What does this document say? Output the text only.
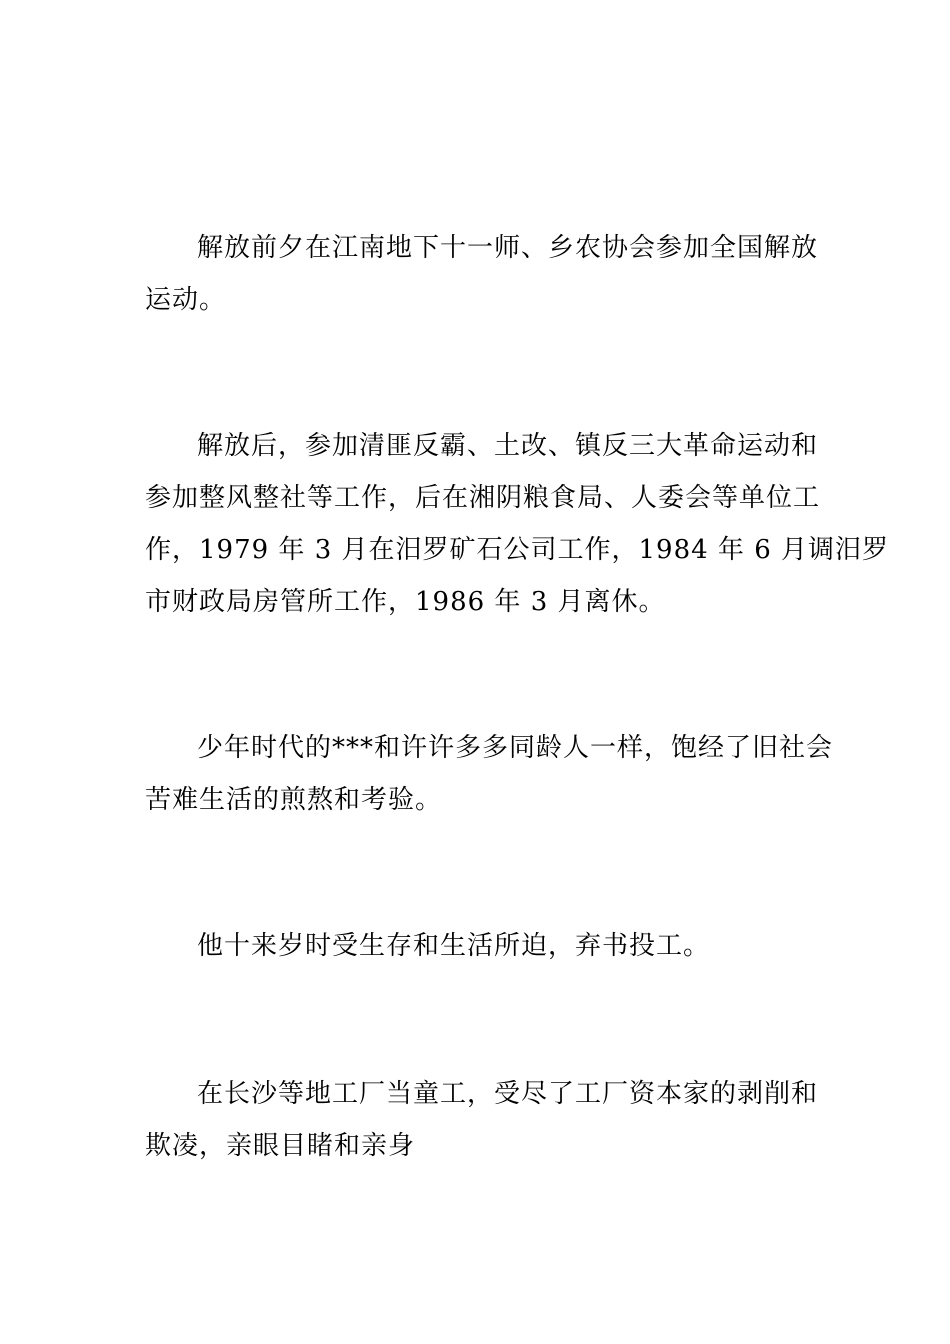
解放前夕在江南地下十一师、乡农协会参加全国解放
运动。
解放后，参加清匪反霸、土改、镇反三大革命运动和
参加整风整社等工作，后在湘阴粮食局、人委会等单位工
作，1979 年 3 月在汨罗矿石公司工作，1984 年 6 月调汨罗
市财政局房管所工作，1986 年 3 月离休。
少年时代的***和许许多多同龄人一样，饱经了旧社会
苦难生活的煎熬和考验。
他十来岁时受生存和生活所迫，弃书投工。
在长沙等地工厂当童工，受尽了工厂资本家的剥削和
欺凌，亲眼目睹和亲身
